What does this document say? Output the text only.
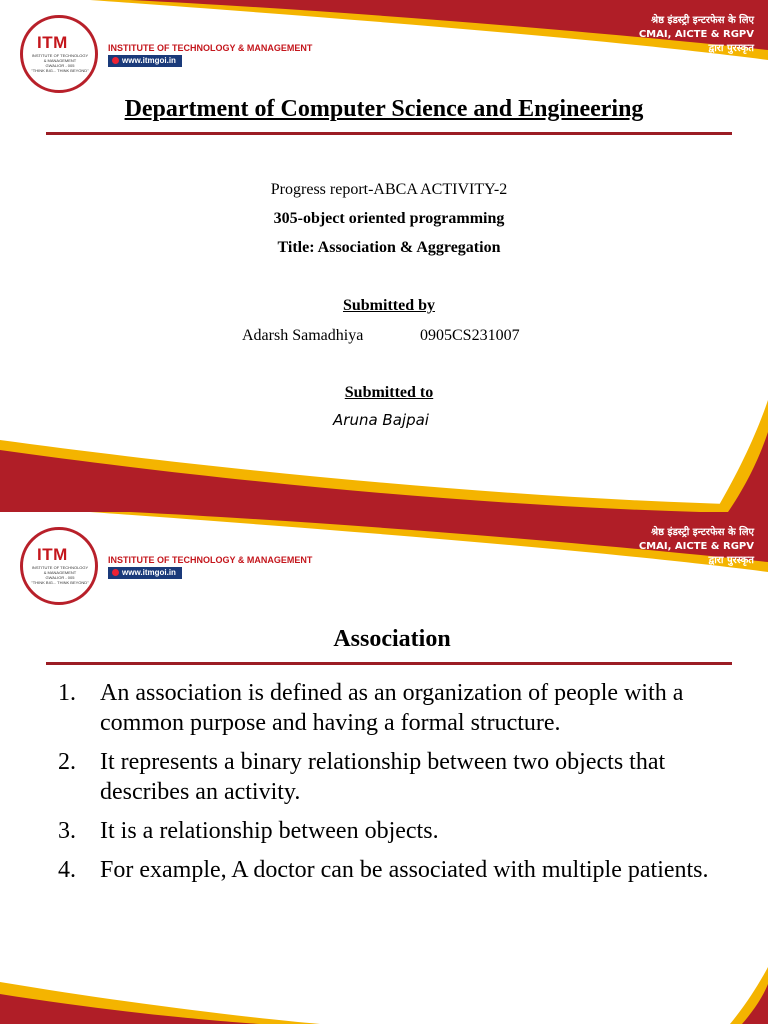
ITM
INSTITUTE OF TECHNOLOGY
& MANAGEMENT
GWALIOR - 005
"THINK BIG... THINK BEYOND"
INSTITUTE OF TECHNOLOGY & MANAGEMENT
www.itmgoi.in
श्रेष्ठ इंडस्ट्री इन्टरफेस के लिए
CMAI, AICTE & RGPV
द्वारा पुरस्कृत
Department of Computer Science and Engineering
Progress report-ABCA ACTIVITY-2
305-object oriented programming
Title: Association & Aggregation
Submitted by
Adarsh Samadhiya	0905CS231007
Submitted to
Aruna Bajpai
ITM
INSTITUTE OF TECHNOLOGY
& MANAGEMENT
GWALIOR - 005
"THINK BIG... THINK BEYOND"
INSTITUTE OF TECHNOLOGY & MANAGEMENT
www.itmgoi.in
श्रेष्ठ इंडस्ट्री इन्टरफेस के लिए
CMAI, AICTE & RGPV
द्वारा पुरस्कृत
Association
1. An association is defined as an organization of people with a common purpose and having a formal structure.
2. It represents a binary relationship between two objects that describes an activity.
3. It is a relationship between objects.
4. For example, A doctor can be associated with multiple patients.
